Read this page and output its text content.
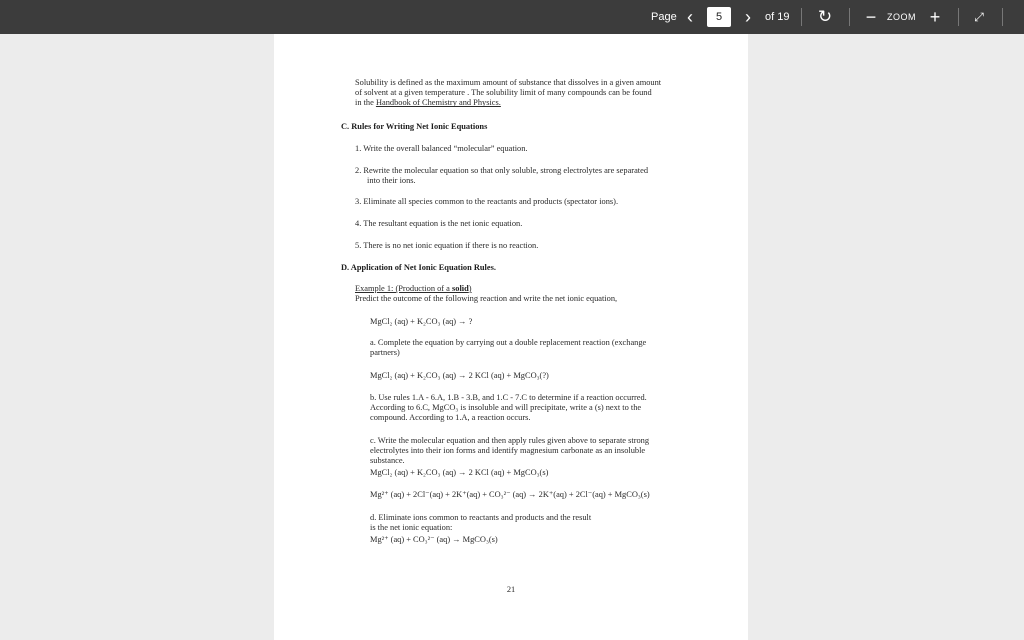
Page ‹
5	›	of 19 ↻ − ZOOM +	⤢
Solubility is defined as the maximum amount of substance that dissolves in a given amount
of solvent at a given temperature . The solubility limit of many compounds can be found
in the Handbook of Chemistry and Physics.
C. Rules for Writing Net Ionic Equations
1. Write the overall balanced “molecular” equation.
2. Rewrite the molecular equation so that only soluble, strong electrolytes are separated
into their ions.
3. Eliminate all species common to the reactants and products (spectator ions).
4. The resultant equation is the net ionic equation.
5. There is no net ionic equation if there is no reaction.
D. Application of Net Ionic Equation Rules.
Example 1: (Production of a solid)
Predict the outcome of the following reaction and write the net ionic equation,
MgCl₂ (aq) + K₂CO₃ (aq) → ?
a. Complete the equation by carrying out a double replacement reaction (exchange
partners)
MgCl₂ (aq) + K₂CO₃ (aq) → 2 KCl (aq) + MgCO₃(?)
b. Use rules 1.A - 6.A, 1.B - 3.B, and 1.C - 7.C to determine if a reaction occurred.
According to 6.C, MgCO₃ is insoluble and will precipitate, write a (s) next to the
compound. According to 1.A, a reaction occurs.
c. Write the molecular equation and then apply rules given above to separate strong
electrolytes into their ion forms and identify magnesium carbonate as an insoluble
substance.
MgCl₂ (aq) + K₂CO₃ (aq) → 2 KCl (aq) + MgCO₃(s)
Mg²⁺ (aq) + 2Cl⁻(aq) + 2K⁺(aq) + CO₃²⁻ (aq) → 2K⁺(aq) + 2Cl⁻(aq) + MgCO₃(s)
d. Eliminate ions common to reactants and products and the result
is the net ionic equation:
Mg²⁺ (aq) + CO₃²⁻ (aq) → MgCO₃(s)
21
